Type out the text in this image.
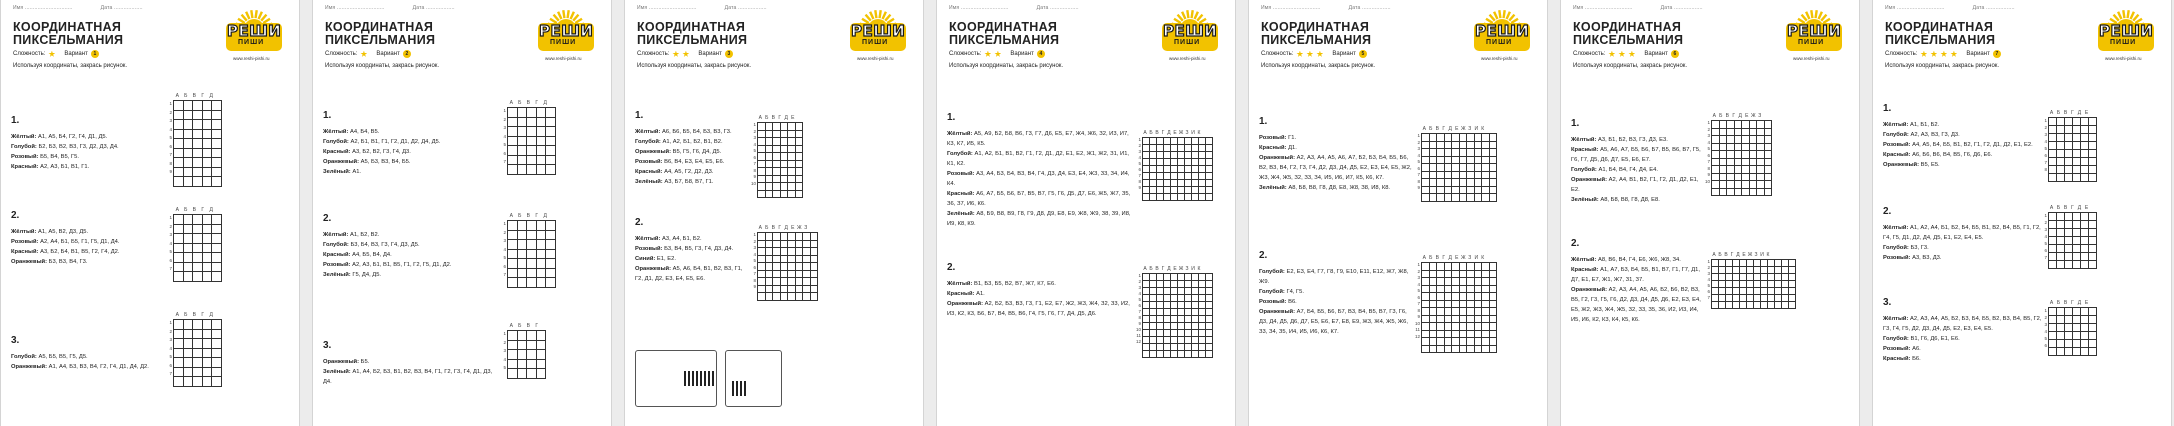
Имя ..............................	Дата ..................
КООРДИНАТНАЯ
ПИКСЕЛЬМАНИЯ	РЕШИ
ПИШИ
www.reshi-pishi.ru
Сложность:	Вариант	1
Используя координаты, закрась рисунок.
1.
Жёлтый: А1, А5, Б4, Г2, Г4, Д1, Д5.
Голубой: Б2, Б3, В2, В3, Г3, Д2, Д3, Д4.
Розовый: Б5, В4, В5, Г5.
Красный: А2, А3, Б1, В1, Г1.
2.
Жёлтый: А1, А5, В2, Д3, Д5.
Розовый: А2, А4, Б1, Б5, Г1, Г5, Д1, Д4.
Красный: А3, Б2, Б4, В1, В5, Г2, Г4, Д2.
Оранжевый: Б3, В3, В4, Г3.
3.
Голубой: А5, Б5, В5, Г5, Д5.
Оранжевый: А1, А4, Б3, В3, В4, Г2, Г4, Д1, Д4, Д2.
А	Б	В	Г	Д
1
2
3
4
5
6
7
8
9

А	Б	В	Г	Д
1
2
3
4
5
6
7

А	Б	В	Г	Д
1
2
3
4
5
6
7

Имя ..............................	Дата ..................
КООРДИНАТНАЯ
ПИКСЕЛЬМАНИЯ	РЕШИ
ПИШИ
www.reshi-pishi.ru
Сложность:	Вариант	2
Используя координаты, закрась рисунок.
1.
Жёлтый: А4, Б4, В5.
Голубой: А2, Б1, В1, Г1, Г2, Д1, Д2, Д4, Д5.
Красный: А3, Б2, В2, Г3, Г4, Д3.
Оранжевый: А5, Б3, В3, В4, Б5.
Зелёный: А1.
2.
Жёлтый: А1, Б2, В2.
Голубой: Б3, Б4, В3, Г3, Г4, Д3, Д5.
Красный: А4, Б5, В4, Д4.
Розовый: А2, А3, Б1, В1, В5, Г1, Г2, Г5, Д1, Д2.
Зелёный: Г5, Д4, Д5.
3.
Оранжевый: Б5.
Зелёный: А1, А4, Б2, Б3, В1, В2, В3, В4, Г1, Г2, Г3, Г4, Д1, Д3, Д4.
А	Б	В	Г	Д
1
2
3
4
5
6
7

А	Б	В	Г	Д
1
2
3
4
5
6
7

А	Б	В	Г
1
2
3
4
5

Имя ..............................	Дата ..................
КООРДИНАТНАЯ
ПИКСЕЛЬМАНИЯ	РЕШИ
ПИШИ
www.reshi-pishi.ru
Сложность:	Вариант	3
Используя координаты, закрась рисунок.
1.
Жёлтый: А6, Б6, Б5, Б4, Б3, В3, Г3.
Голубой: А1, А2, Б1, Б2, В1, В2.
Оранжевый: В5, Г5, Г6, Д4, Д5.
Розовый: В6, В4, Е3, Е4, Е5, Е6.
Красный: А4, А5, Г2, Д2, Д3.
Зелёный: А3, Б7, Б8, В7, Г1.
2.
Жёлтый: А3, А4, Б1, Б2.
Розовый: Б3, В4, В5, Г3, Г4, Д3, Д4.
Синий: Е1, Е2.
Оранжевый: А5, А6, Б4, В1, В2, В3, Г1, Г2, Д1, Д2, Е3, Е4, Е5, Е6.
А Б В Г Д Е
1
2
3
4
5
6
7
8
9
10

А Б В Г Д Е Ж З
1
2
3
4
5
6
7
8
9

Имя ..............................	Дата ..................
КООРДИНАТНАЯ
ПИКСЕЛЬМАНИЯ	РЕШИ
ПИШИ
www.reshi-pishi.ru
Сложность:	Вариант	4
Используя координаты, закрась рисунок.
1.
Жёлтый: А5, А9, Б2, Б8, В6, Г3, Г7, Д6, Е5, Е7, Ж4, Ж6, З2, И3, И7, К3, К7, И5, К5.
Голубой: А1, А2, Б1, В1, В2, Г1, Г2, Д1, Д2, Е1, Е2, Ж1, Ж2, З1, И1, К1, К2.
Розовый: А3, А4, Б3, Б4, В3, В4, Г4, Д3, Д4, Е3, Е4, Ж3, З3, З4, И4, К4.
Красный: А6, А7, Б5, Б6, Б7, В5, В7, Г5, Г6, Д5, Д7, Е6, Ж5, Ж7, З5, З6, З7, И6, К6.
Зелёный: А8, Б9, В8, В9, Г8, Г9, Д8, Д9, Е8, Е9, Ж8, Ж9, З8, З9, И8, И9, К8, К9.
2.
Жёлтый: В1, Б3, Б5, В2, В7, Ж7, К7, Е6.
Красный: А1.
Оранжевый: А2, Б2, Б3, В3, Г3, Г1, Е2, Е7, Ж2, Ж3, Ж4, З2, З3, И2, И3, К2, К3, Б6, Б7, В4, В5, В6, Г4, Г5, Г6, Г7, Д4, Д5, Д6.
А Б В Г Д Е Ж З И К
1
2
3
4
5
6
7
8
9

А Б В Г Д Е Ж З И К
1
2
3
4
5
6
7
8
9
10
11
12

Имя ..............................	Дата ..................
КООРДИНАТНАЯ
ПИКСЕЛЬМАНИЯ	РЕШИ
ПИШИ
www.reshi-pishi.ru
Сложность:	Вариант	5
Используя координаты, закрась рисунок.
1.
Розовый: Г1.
Красный: Д1.
Оранжевый: А2, А3, А4, А5, А6, А7, Б2, Б3, Б4, Б5, Б6, В2, В3, В4, Г2, Г3, Г4, Д2, Д3, Д4, Д5, Е2, Е3, Е4, Е5, Ж2, Ж3, Ж4, Ж5, З2, З3, З4, И5, И6, И7, К5, К6, К7.
Зелёный: А8, Б8, В8, Г8, Д8, Е8, Ж8, З8, И8, К8.
2.
Голубой: Е2, Е3, Е4, Г7, Г8, Г9, Е10, Е11, Е12, Ж7, Ж8, Ж9.
Голубой: Г4, Г5.
Розовый: В6.
Оранжевый: А7, Б4, Б5, Б6, Б7, В3, В4, В5, В7, Г3, Г6, Д3, Д4, Д5, Д6, Д7, Е5, Е6, Е7, Е8, Е9, Ж3, Ж4, Ж5, Ж6, З3, З4, З5, И4, И5, И6, К6, К7.
А Б В Г Д Е Ж З И К
1
2
3
4
5
6
7
8
9

А Б В Г Д Е Ж З И К
1
2
3
4
5
6
7
8
9
10
11
12

Имя ..............................	Дата ..................
КООРДИНАТНАЯ
ПИКСЕЛЬМАНИЯ	РЕШИ
ПИШИ
www.reshi-pishi.ru
Сложность:	Вариант	6
Используя координаты, закрась рисунок.
1.
Жёлтый: А3, Б1, Б2, В3, Г3, Д3, Е3.
Красный: А5, А6, А7, Б5, Б6, Б7, В5, В6, В7, Г5, Г6, Г7, Д5, Д6, Д7, Е5, Е6, Е7.
Голубой: А1, Б4, В4, Г4, Д4, Е4.
Оранжевый: А2, А4, В1, В2, Г1, Г2, Д1, Д2, Е1, Е2.
Зелёный: А8, Б8, В8, Г8, Д8, Е8.
2.
Жёлтый: А8, В6, В4, Г4, Е6, Ж6, Ж8, З4.
Красный: А1, А7, Б3, Б4, Б5, В1, В7, Г1, Г7, Д1, Д7, Е1, Е7, Ж1, Ж7, З1, З7.
Оранжевый: А2, А3, А4, А5, А6, Б2, Б6, В2, В3, В5, Г2, Г3, Г5, Г6, Д2, Д3, Д4, Д5, Д6, Е2, Е3, Е4, Е5, Ж2, Ж3, Ж4, Ж5, З2, З3, З5, З6, И2, И3, И4, И5, И6, К2, К3, К4, К5, К6.
А Б В Г Д Е Ж З
1
2
3
4
5
6
7
8
9
10

А Б В Г Д Е Ж З И К
1
2
3
4
5
6
7

Имя ..............................	Дата ..................
КООРДИНАТНАЯ
ПИКСЕЛЬМАНИЯ	РЕШИ
ПИШИ
www.reshi-pishi.ru
Сложность:	Вариант	7
Используя координаты, закрась рисунок.
1.
Жёлтый: А1, Б1, Б2.
Голубой: А2, А3, В3, Г3, Д3.
Розовый: А4, А5, Б4, Б5, В1, В2, Г1, Г2, Д1, Д2, Е1, Е2.
Красный: А6, Б6, В6, В4, В5, Г6, Д6, Е6.
Оранжевый: В5, Е5.
2.
Жёлтый: А1, А2, А4, Б1, Б2, Б4, Б5, В1, В2, В4, В5, Г1, Г2, Г4, Г5, Д1, Д2, Д4, Д5, Е1, Е2, Е4, Е5.
Голубой: Б3, Г3.
Розовый: А3, В3, Д3.
3.
Жёлтый: А2, А3, А4, А5, Б2, Б3, Б4, Б5, В2, В3, В4, В5, Г2, Г3, Г4, Г5, Д2, Д3, Д4, Д5, Е2, Е3, Е4, Е5.
Голубой: В1, Г6, Д6, Е1, Е6.
Розовый: А6.
Красный: Б6.
А Б В Г Д Е
1
2
3
4
5
6
7
8

А Б В Г Д Е
1
2
3
4
5
6
7

А Б В Г Д Е
1
2
3
4
5
6
